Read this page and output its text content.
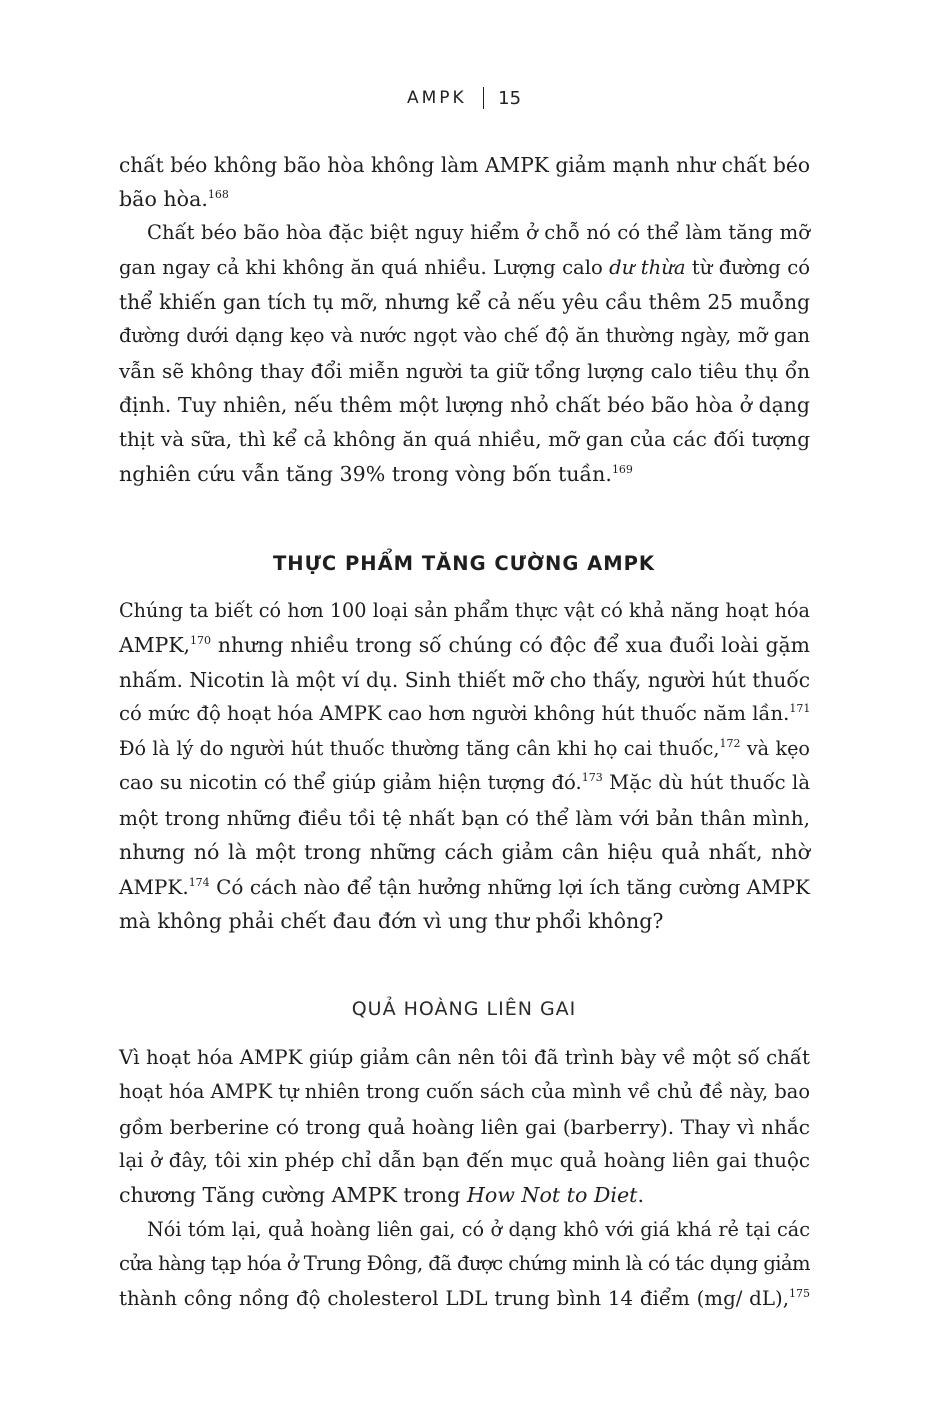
AMPK 15
chất béo không bão hòa không làm AMPK giảm mạnh như chất béo
bão hòa.$^{168}$
Chất béo bão hòa đặc biệt nguy hiểm ở chỗ nó có thể làm tăng mỡ
gan ngay cả khi không ăn quá nhiều. Lượng calo dư thừa từ đường có
thể khiến gan tích tụ mỡ, nhưng kể cả nếu yêu cầu thêm 25 muỗng
đường dưới dạng kẹo và nước ngọt vào chế độ ăn thường ngày, mỡ gan
vẫn sẽ không thay đổi miễn người ta giữ tổng lượng calo tiêu thụ ổn
định. Tuy nhiên, nếu thêm một lượng nhỏ chất béo bão hòa ở dạng
thịt và sữa, thì kể cả không ăn quá nhiều, mỡ gan của các đối tượng
nghiên cứu vẫn tăng 39% trong vòng bốn tuần.$^{169}$
THỰC PHẨM TĂNG CƯỜNG AMPK
Chúng ta biết có hơn 100 loại sản phẩm thực vật có khả năng hoạt hóa
AMPK,$^{170}$ nhưng nhiều trong số chúng có độc để xua đuổi loài gặm
nhấm. Nicotin là một ví dụ. Sinh thiết mỡ cho thấy, người hút thuốc
có mức độ hoạt hóa AMPK cao hơn người không hút thuốc năm lần.$^{171}$
Đó là lý do người hút thuốc thường tăng cân khi họ cai thuốc,$^{172}$ và kẹo
cao su nicotin có thể giúp giảm hiện tượng đó.$^{173}$ Mặc dù hút thuốc là
một trong những điều tồi tệ nhất bạn có thể làm với bản thân mình,
nhưng nó là một trong những cách giảm cân hiệu quả nhất, nhờ
AMPK.$^{174}$ Có cách nào để tận hưởng những lợi ích tăng cường AMPK
mà không phải chết đau đớn vì ung thư phổi không?
QUẢ HOÀNG LIÊN GAI
Vì hoạt hóa AMPK giúp giảm cân nên tôi đã trình bày về một số chất
hoạt hóa AMPK tự nhiên trong cuốn sách của mình về chủ đề này, bao
gồm berberine có trong quả hoàng liên gai (barberry). Thay vì nhắc
lại ở đây, tôi xin phép chỉ dẫn bạn đến mục quả hoàng liên gai thuộc
chương Tăng cường AMPK trong How Not to Diet.
Nói tóm lại, quả hoàng liên gai, có ở dạng khô với giá khá rẻ tại các
cửa hàng tạp hóa ở Trung Đông, đã được chứng minh là có tác dụng giảm
thành công nồng độ cholesterol LDL trung bình 14 điểm (mg/ dL),$^{175}$
